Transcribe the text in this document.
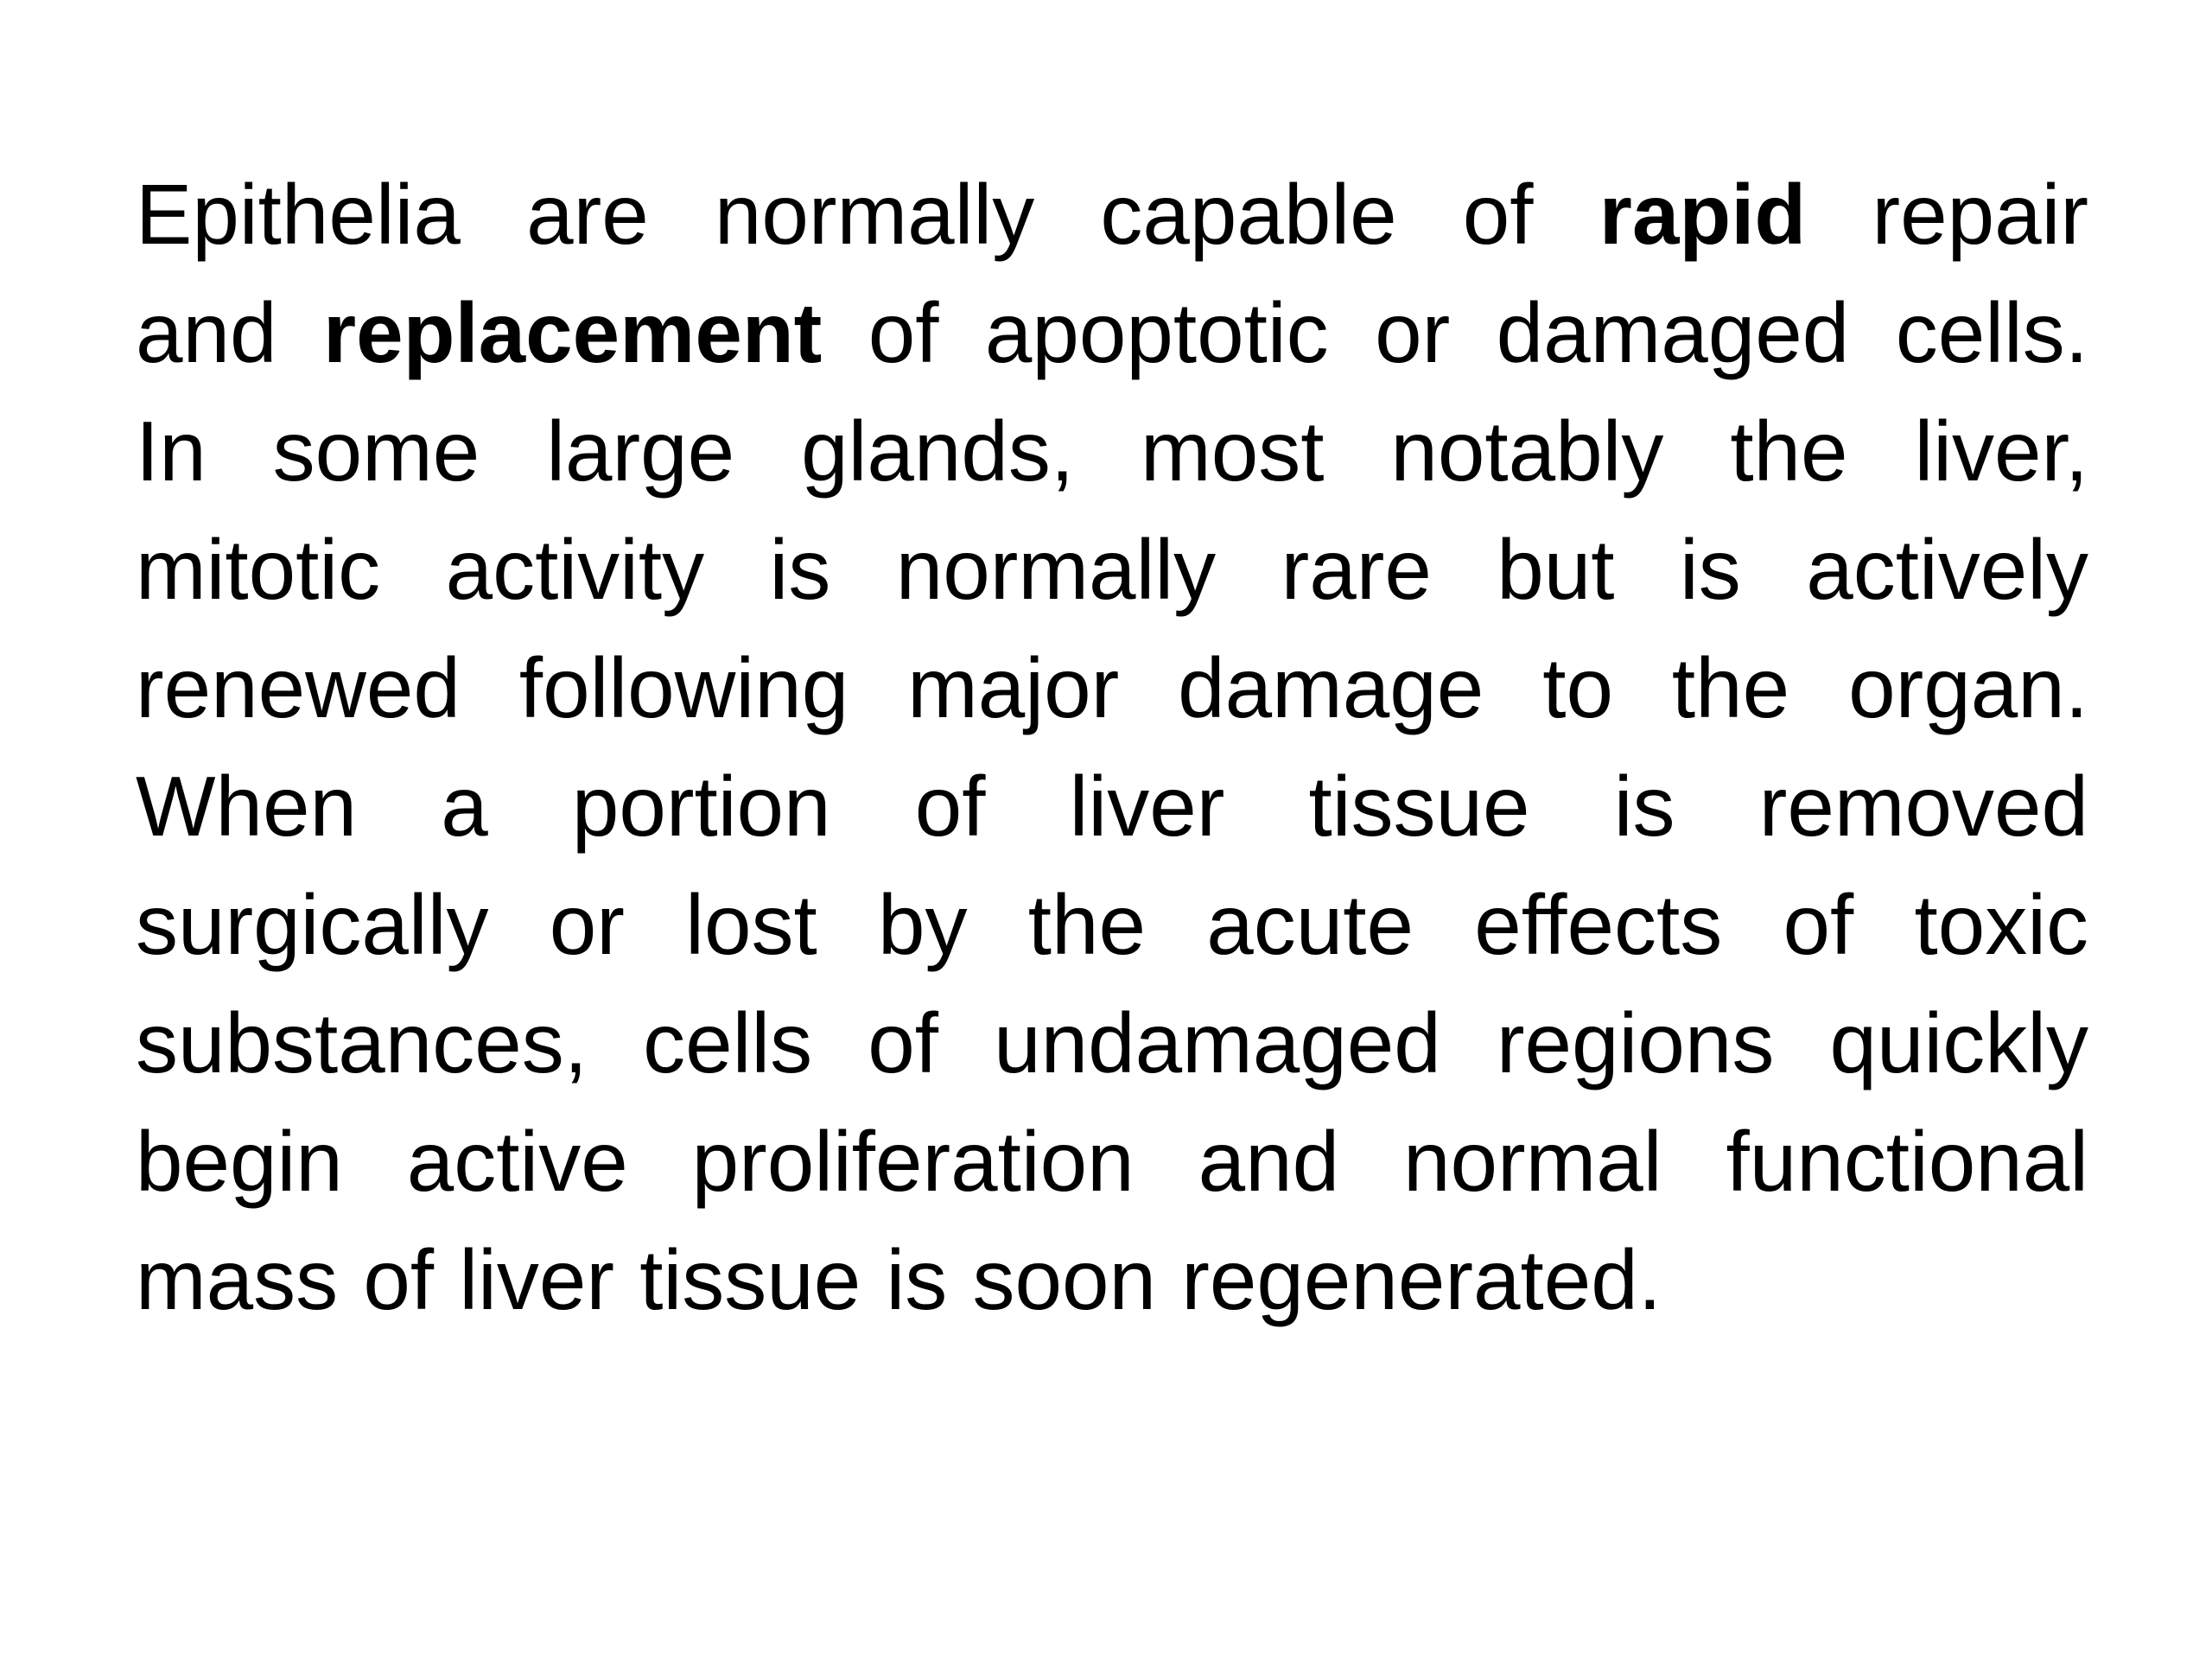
Epithelia are normally capable of rapid repair
and replacement of apoptotic or damaged cells.
In some large glands, most notably the liver,
mitotic activity is normally rare but is actively
renewed following major damage to the organ.
When a portion of liver tissue is removed
surgically or lost by the acute effects of toxic
substances, cells of undamaged regions quickly
begin active proliferation and normal functional
mass of liver tissue is soon regenerated.
